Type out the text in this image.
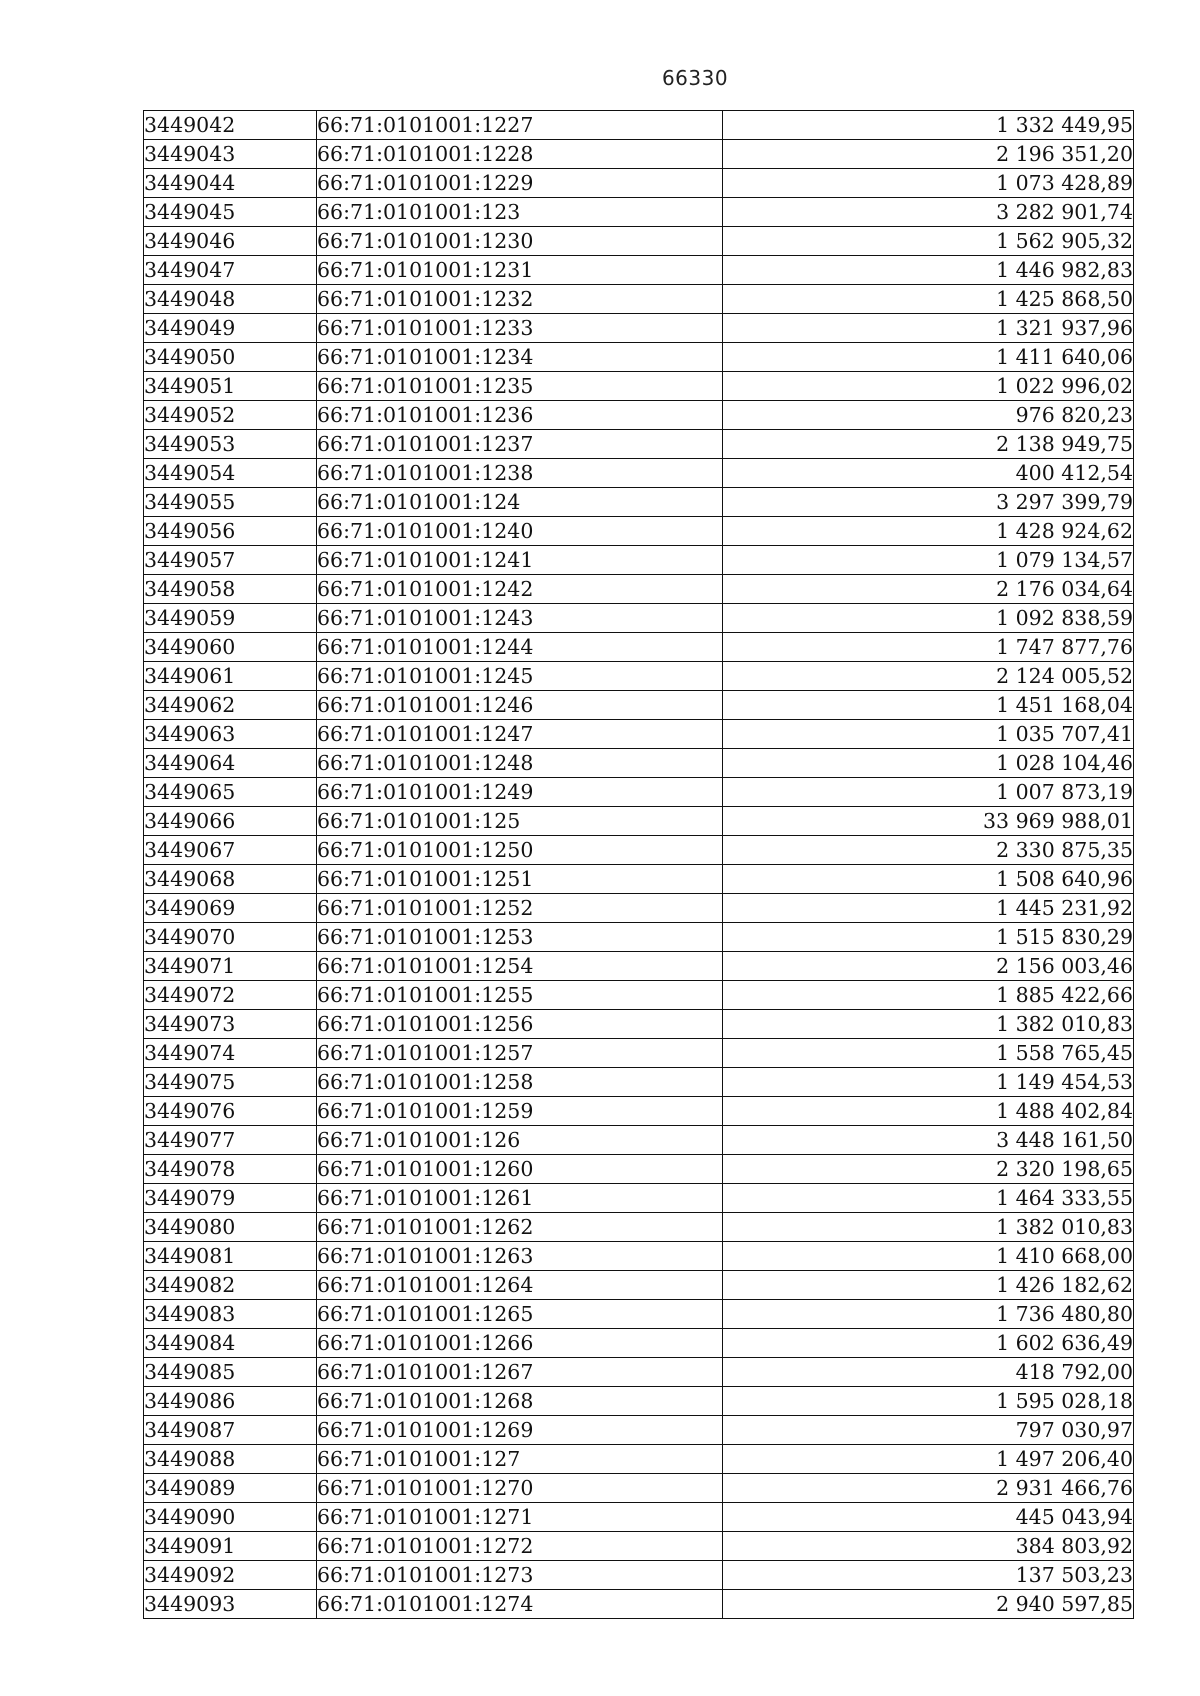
66330
3449042	66:71:0101001:1227	1 332 449,95
3449043	66:71:0101001:1228	2 196 351,20
3449044	66:71:0101001:1229	1 073 428,89
3449045	66:71:0101001:123	3 282 901,74
3449046	66:71:0101001:1230	1 562 905,32
3449047	66:71:0101001:1231	1 446 982,83
3449048	66:71:0101001:1232	1 425 868,50
3449049	66:71:0101001:1233	1 321 937,96
3449050	66:71:0101001:1234	1 411 640,06
3449051	66:71:0101001:1235	1 022 996,02
3449052	66:71:0101001:1236	976 820,23
3449053	66:71:0101001:1237	2 138 949,75
3449054	66:71:0101001:1238	400 412,54
3449055	66:71:0101001:124	3 297 399,79
3449056	66:71:0101001:1240	1 428 924,62
3449057	66:71:0101001:1241	1 079 134,57
3449058	66:71:0101001:1242	2 176 034,64
3449059	66:71:0101001:1243	1 092 838,59
3449060	66:71:0101001:1244	1 747 877,76
3449061	66:71:0101001:1245	2 124 005,52
3449062	66:71:0101001:1246	1 451 168,04
3449063	66:71:0101001:1247	1 035 707,41
3449064	66:71:0101001:1248	1 028 104,46
3449065	66:71:0101001:1249	1 007 873,19
3449066	66:71:0101001:125	33 969 988,01
3449067	66:71:0101001:1250	2 330 875,35
3449068	66:71:0101001:1251	1 508 640,96
3449069	66:71:0101001:1252	1 445 231,92
3449070	66:71:0101001:1253	1 515 830,29
3449071	66:71:0101001:1254	2 156 003,46
3449072	66:71:0101001:1255	1 885 422,66
3449073	66:71:0101001:1256	1 382 010,83
3449074	66:71:0101001:1257	1 558 765,45
3449075	66:71:0101001:1258	1 149 454,53
3449076	66:71:0101001:1259	1 488 402,84
3449077	66:71:0101001:126	3 448 161,50
3449078	66:71:0101001:1260	2 320 198,65
3449079	66:71:0101001:1261	1 464 333,55
3449080	66:71:0101001:1262	1 382 010,83
3449081	66:71:0101001:1263	1 410 668,00
3449082	66:71:0101001:1264	1 426 182,62
3449083	66:71:0101001:1265	1 736 480,80
3449084	66:71:0101001:1266	1 602 636,49
3449085	66:71:0101001:1267	418 792,00
3449086	66:71:0101001:1268	1 595 028,18
3449087	66:71:0101001:1269	797 030,97
3449088	66:71:0101001:127	1 497 206,40
3449089	66:71:0101001:1270	2 931 466,76
3449090	66:71:0101001:1271	445 043,94
3449091	66:71:0101001:1272	384 803,92
3449092	66:71:0101001:1273	137 503,23
3449093	66:71:0101001:1274	2 940 597,85
